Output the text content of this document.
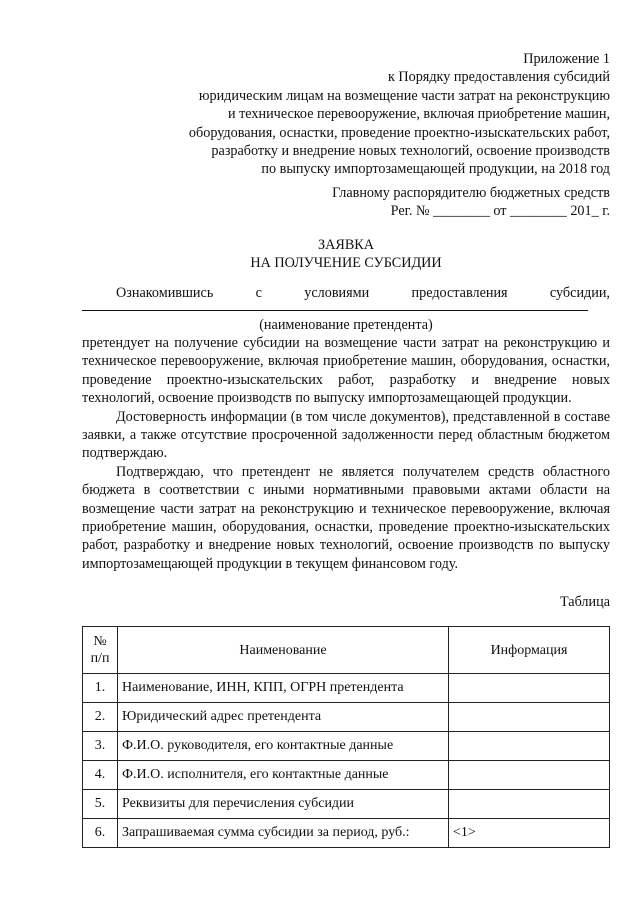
Приложение 1
к Порядку предоставления субсидий
юридическим лицам на возмещение части затрат на реконструкцию
и техническое перевооружение, включая приобретение машин,
оборудования, оснастки, проведение проектно-изыскательских работ,
разработку и внедрение новых технологий, освоение производств
по выпуску импортозамещающей продукции, на 2018 год
Главному распорядителю бюджетных средств
Рег. № ________ от ________ 201_ г.
ЗАЯВКА
НА ПОЛУЧЕНИЕ СУБСИДИИ
Ознакомившись	с	условиями	предоставления	субсидии,
(наименование претендента)

претендует на получение субсидии на возмещение части затрат на реконструкцию и техническое перевооружение, включая приобретение машин, оборудования, оснастки, проведение проектно-изыскательских работ, разработку и внедрение новых технологий, освоение производств по выпуску импортозамещающей продукции.

Достоверность информации (в том числе документов), представленной в составе заявки, а также отсутствие просроченной задолженности перед областным бюджетом подтверждаю.

Подтверждаю, что претендент не является получателем средств областного бюджета в соответствии с иными нормативными правовыми актами области на возмещение части затрат на реконструкцию и техническое перевооружение, включая приобретение машин, оборудования, оснастки, проведение проектно-изыскательских работ, разработку и внедрение новых технологий, освоение производств по выпуску импортозамещающей продукции в текущем финансовом году.

Таблица
№
п/п	Наименование	Информация
1.	Наименование, ИНН, КПП, ОГРН претендента	
2.	Юридический адрес претендента	
3.	Ф.И.О. руководителя, его контактные данные	
4.	Ф.И.О. исполнителя, его контактные данные	
5.	Реквизиты для перечисления субсидии	
6.	Запрашиваемая сумма субсидии за период, руб.:	<1>
